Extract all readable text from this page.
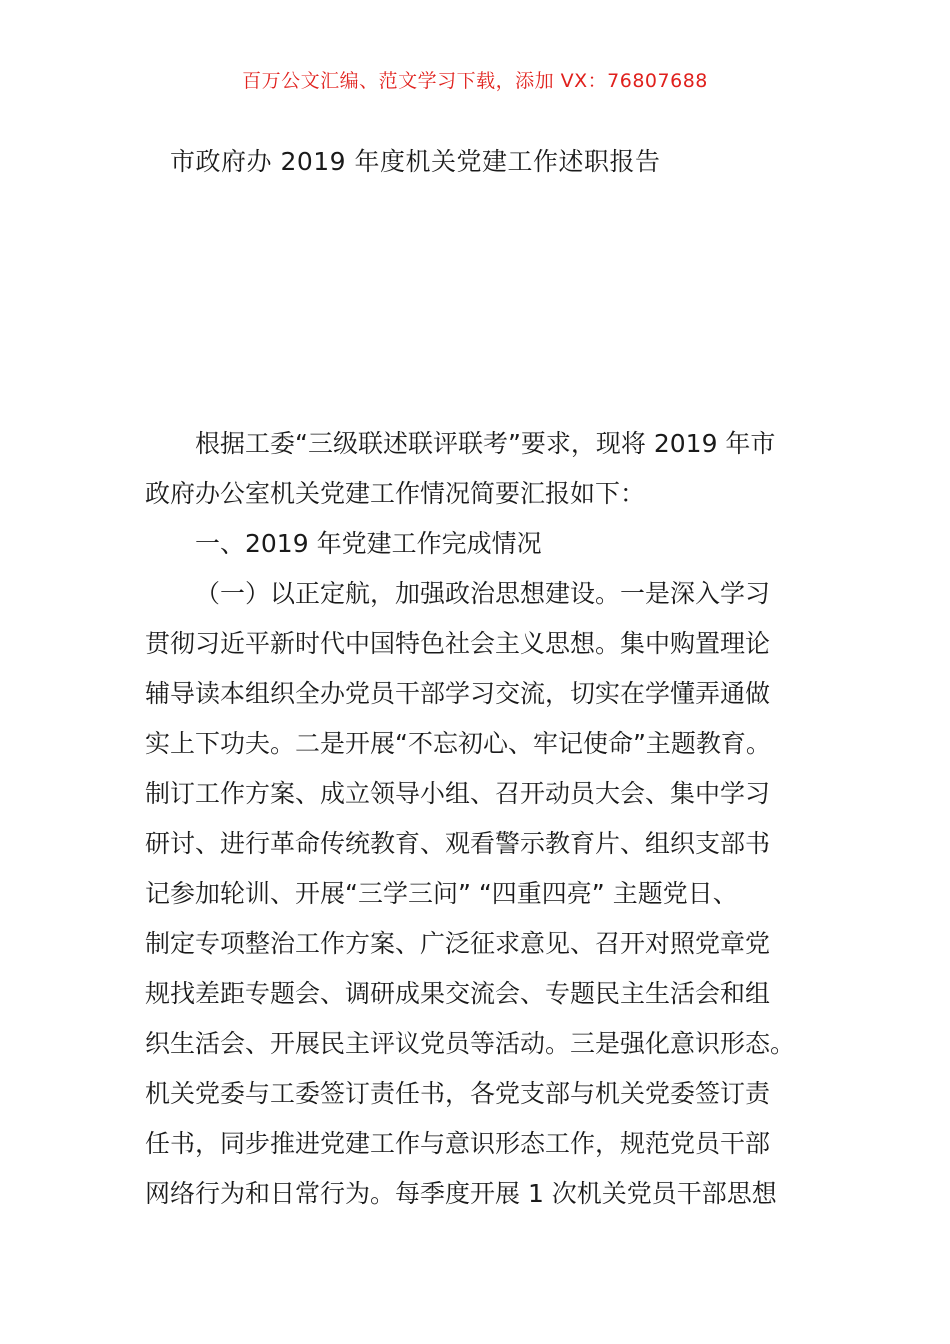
百万公文汇编、范文学习下载，添加 VX：76807688
市政府办 2019 年度机关党建工作述职报告
根据工委“三级联述联评联考”要求，现将 2019 年市
政府办公室机关党建工作情况简要汇报如下：
一、2019 年党建工作完成情况
（一）以正定航，加强政治思想建设。一是深入学习
贯彻习近平新时代中国特色社会主义思想。集中购置理论
辅导读本组织全办党员干部学习交流，切实在学懂弄通做
实上下功夫。二是开展“不忘初心、牢记使命”主题教育。
制订工作方案、成立领导小组、召开动员大会、集中学习
研讨、进行革命传统教育、观看警示教育片、组织支部书
记参加轮训、开展“三学三问” “四重四亮” 主题党日、
制定专项整治工作方案、广泛征求意见、召开对照党章党
规找差距专题会、调研成果交流会、专题民主生活会和组
织生活会、开展民主评议党员等活动。三是强化意识形态。
机关党委与工委签订责任书，各党支部与机关党委签订责
任书，同步推进党建工作与意识形态工作，规范党员干部
网络行为和日常行为。每季度开展 1 次机关党员干部思想
